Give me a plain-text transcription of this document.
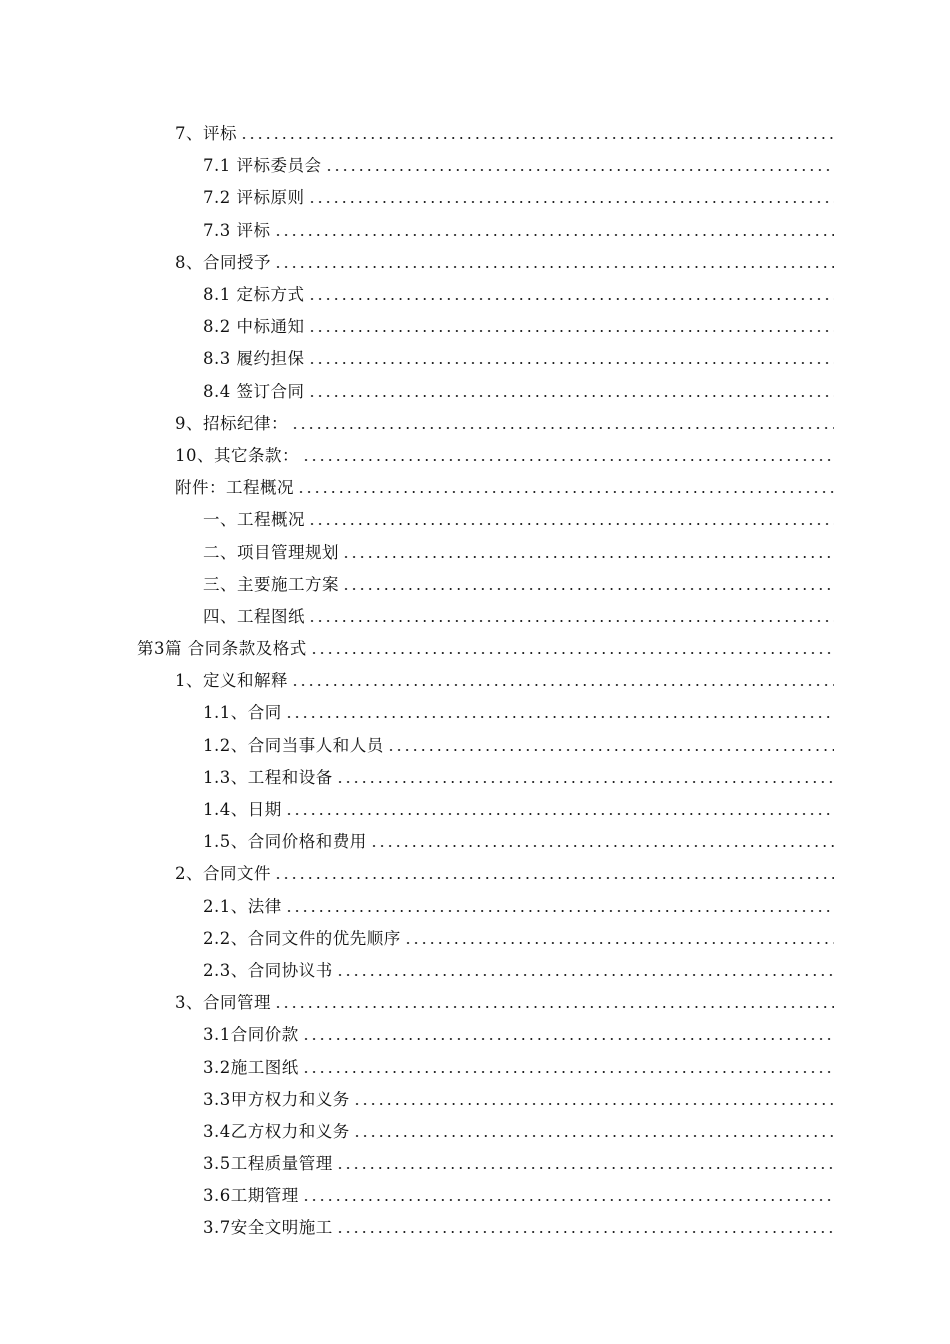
7、评标
7.1 评标委员会
7.2 评标原则
7.3 评标
8、合同授予
8.1 定标方式
8.2 中标通知
8.3 履约担保
8.4 签订合同
9、招标纪律：
10、其它条款：
附件：工程概况
一、工程概况
二、项目管理规划
三、主要施工方案
四、工程图纸
第3篇 合同条款及格式
1、定义和解释
1.1、合同
1.2、合同当事人和人员
1.3、工程和设备
1.4、日期
1.5、合同价格和费用
2、合同文件
2.1、法律
2.2、合同文件的优先顺序
2.3、合同协议书
3、合同管理
3.1合同价款
3.2施工图纸
3.3甲方权力和义务
3.4乙方权力和义务
3.5工程质量管理
3.6工期管理
3.7安全文明施工
